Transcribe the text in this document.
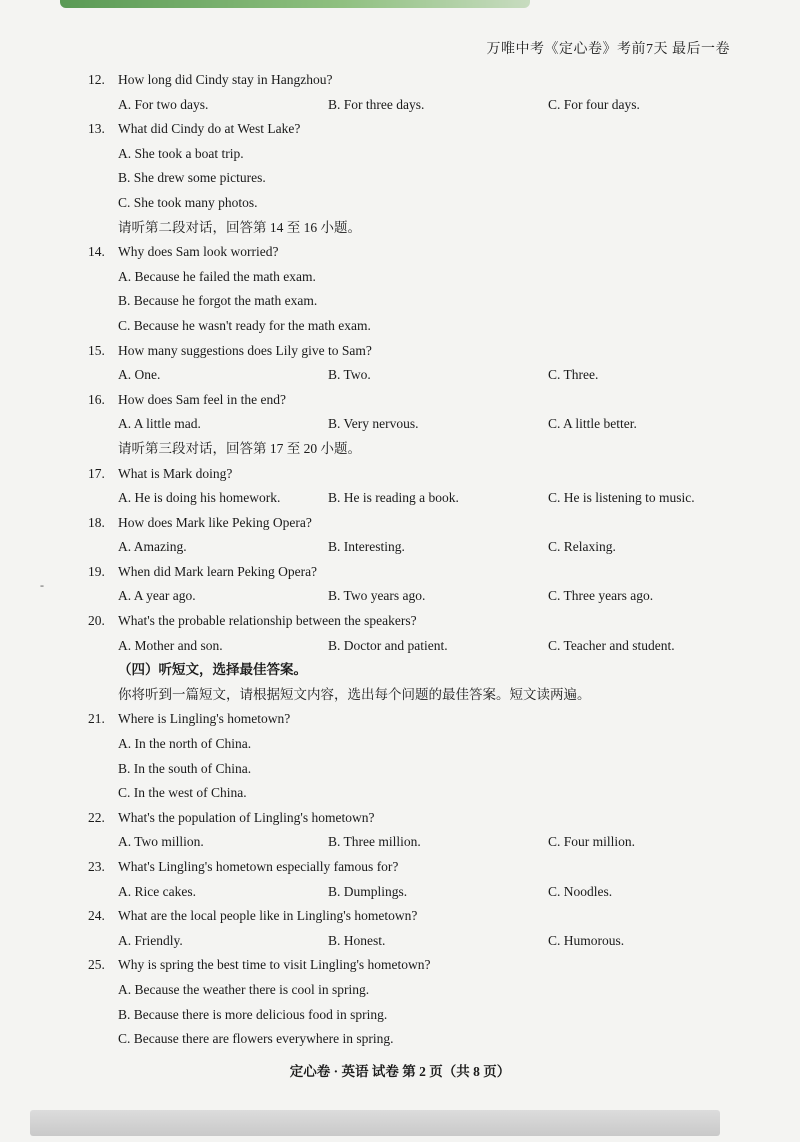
万唯中考《定心卷》考前7天 最后一卷
-
12. How long did Cindy stay in Hangzhou?
A. For two days.	B. For three days.	C. For four days.
13. What did Cindy do at West Lake?
A. She took a boat trip.
B. She drew some pictures.
C. She took many photos.
请听第二段对话，回答第 14 至 16 小题。
14. Why does Sam look worried?
A. Because he failed the math exam.
B. Because he forgot the math exam.
C. Because he wasn't ready for the math exam.
15. How many suggestions does Lily give to Sam?
A. One.	B. Two.	C. Three.
16. How does Sam feel in the end?
A. A little mad.	B. Very nervous.	C. A little better.
请听第三段对话，回答第 17 至 20 小题。
17. What is Mark doing?
A. He is doing his homework.	B. He is reading a book.	C. He is listening to music.
18. How does Mark like Peking Opera?
A. Amazing.	B. Interesting.	C. Relaxing.
19. When did Mark learn Peking Opera?
A. A year ago.	B. Two years ago.	C. Three years ago.
20. What's the probable relationship between the speakers?
A. Mother and son.	B. Doctor and patient.	C. Teacher and student.
（四）听短文，选择最佳答案。
你将听到一篇短文，请根据短文内容，选出每个问题的最佳答案。短文读两遍。
21. Where is Lingling's hometown?
A. In the north of China.
B. In the south of China.
C. In the west of China.
22. What's the population of Lingling's hometown?
A. Two million.	B. Three million.	C. Four million.
23. What's Lingling's hometown especially famous for?
A. Rice cakes.	B. Dumplings.	C. Noodles.
24. What are the local people like in Lingling's hometown?
A. Friendly.	B. Honest.	C. Humorous.
25. Why is spring the best time to visit Lingling's hometown?
A. Because the weather there is cool in spring.
B. Because there is more delicious food in spring.
C. Because there are flowers everywhere in spring.
定心卷 · 英语 试卷 第 2 页（共 8 页）
